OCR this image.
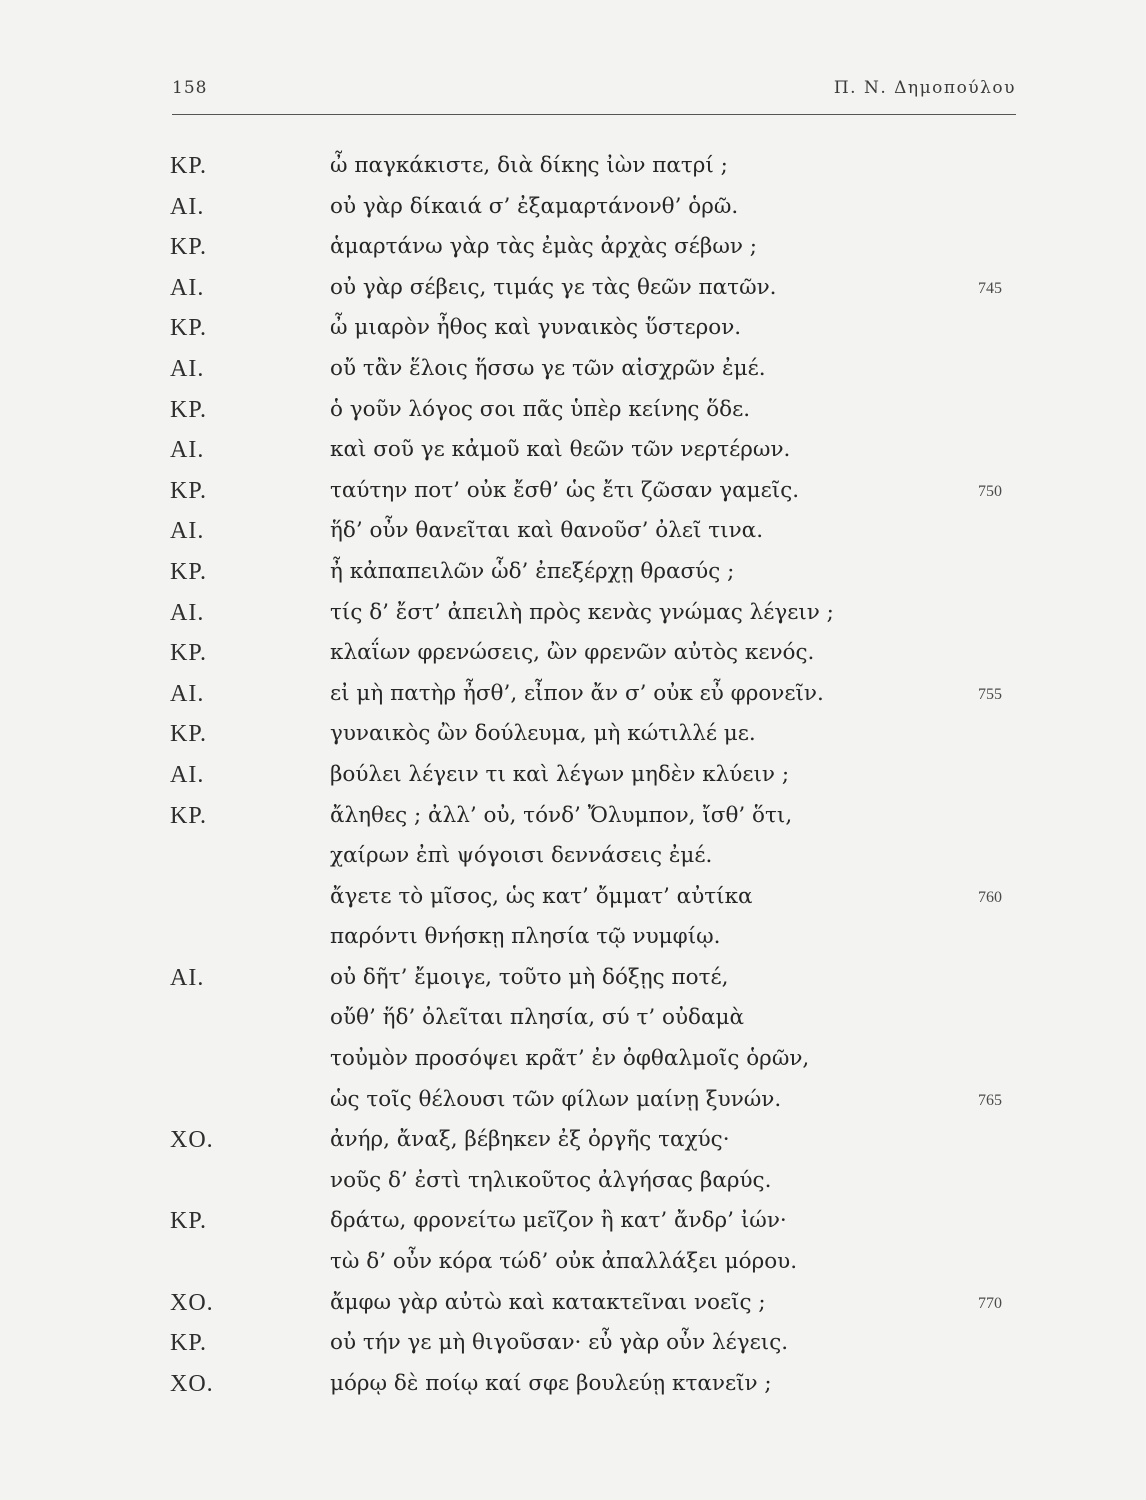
158	Π. Ν. Δημοπούλου
ΚΡ.	ὦ παγκάκιστε, διὰ δίκης ἰὼν πατρί ;
ΑΙ.	οὐ γὰρ δίκαιά σ’ ἐξαμαρτάνονθ’ ὁρῶ.
ΚΡ.	ἁμαρτάνω γὰρ τὰς ἐμὰς ἀρχὰς σέβων ;
ΑΙ.	οὐ γὰρ σέβεις, τιμάς γε τὰς θεῶν πατῶν.	745
ΚΡ.	ὦ μιαρὸν ἦθος καὶ γυναικὸς ὕστερον.
ΑΙ.	οὔ τἂν ἕλοις ἥσσω γε τῶν αἰσχρῶν ἐμέ.
ΚΡ.	ὁ γοῦν λόγος σοι πᾶς ὑπὲρ κείνης ὅδε.
ΑΙ.	καὶ σοῦ γε κἀμοῦ καὶ θεῶν τῶν νερτέρων.
ΚΡ.	ταύτην ποτ’ οὐκ ἔσθ’ ὡς ἔτι ζῶσαν γαμεῖς.	750
ΑΙ.	ἥδ’ οὖν θανεῖται καὶ θανοῦσ’ ὀλεῖ τινα.
ΚΡ.	ἦ κἀπαπειλῶν ὧδ’ ἐπεξέρχῃ θρασύς ;
ΑΙ.	τίς δ’ ἔστ’ ἀπειλὴ πρὸς κενὰς γνώμας λέγειν ;
ΚΡ.	κλαΐων φρενώσεις, ὢν φρενῶν αὐτὸς κενός.
ΑΙ.	εἰ μὴ πατὴρ ἦσθ’, εἶπον ἄν σ’ οὐκ εὖ φρονεῖν.	755
ΚΡ.	γυναικὸς ὢν δούλευμα, μὴ κώτιλλέ με.
ΑΙ.	βούλει λέγειν τι καὶ λέγων μηδὲν κλύειν ;
ΚΡ.	ἄληθες ; ἀλλ’ οὐ, τόνδ’ Ὄλυμπον, ἴσθ’ ὅτι,
χαίρων ἐπὶ ψόγοισι δεννάσεις ἐμέ.
ἄγετε τὸ μῖσος, ὡς κατ’ ὄμματ’ αὐτίκα	760
παρόντι θνήσκῃ πλησία τῷ νυμφίῳ.
ΑΙ.	οὐ δῆτ’ ἔμοιγε, τοῦτο μὴ δόξῃς ποτέ,
οὔθ’ ἥδ’ ὀλεῖται πλησία, σύ τ’ οὐδαμὰ
τοὐμὸν προσόψει κρᾶτ’ ἐν ὀφθαλμοῖς ὁρῶν,
ὡς τοῖς θέλουσι τῶν φίλων μαίνῃ ξυνών.	765
ΧΟ.	ἀνήρ, ἄναξ, βέβηκεν ἐξ ὀργῆς ταχύς·
νοῦς δ’ ἐστὶ τηλικοῦτος ἀλγήσας βαρύς.
ΚΡ.	δράτω, φρονείτω μεῖζον ἢ κατ’ ἄνδρ’ ἰών·
τὼ δ’ οὖν κόρα τώδ’ οὐκ ἀπαλλάξει μόρου.
ΧΟ.	ἄμφω γὰρ αὐτὼ καὶ κατακτεῖναι νοεῖς ;	770
ΚΡ.	οὐ τήν γε μὴ θιγοῦσαν· εὖ γὰρ οὖν λέγεις.
ΧΟ.	μόρῳ δὲ ποίῳ καί σφε βουλεύῃ κτανεῖν ;
